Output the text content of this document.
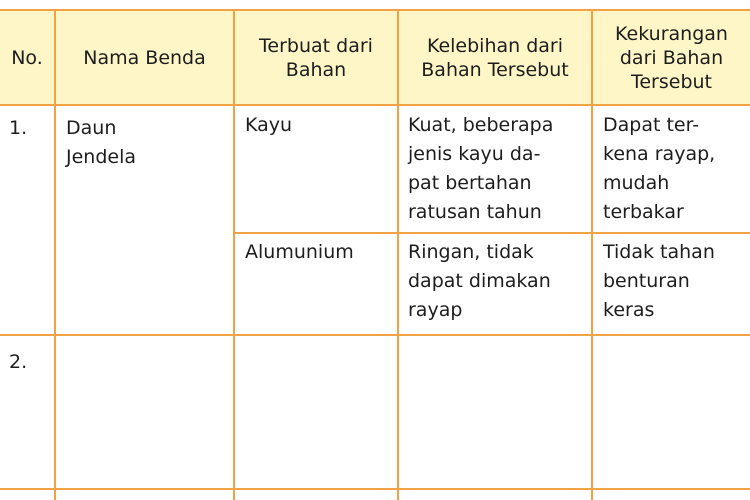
No. Nama Benda
Terbuat dari
Bahan
Kelebihan dari
Bahan Tersebut
Kekurangan
dari Bahan
Tersebut
1. Daun
Jendela
Kayu	Kuat, beberapa
jenis kayu da-
pat bertahan
ratusan tahun
Dapat ter-
kena rayap,
mudah
terbakar
Alumunium	Ringan, tidak
dapat dimakan
rayap
Tidak tahan
benturan
keras
2.
